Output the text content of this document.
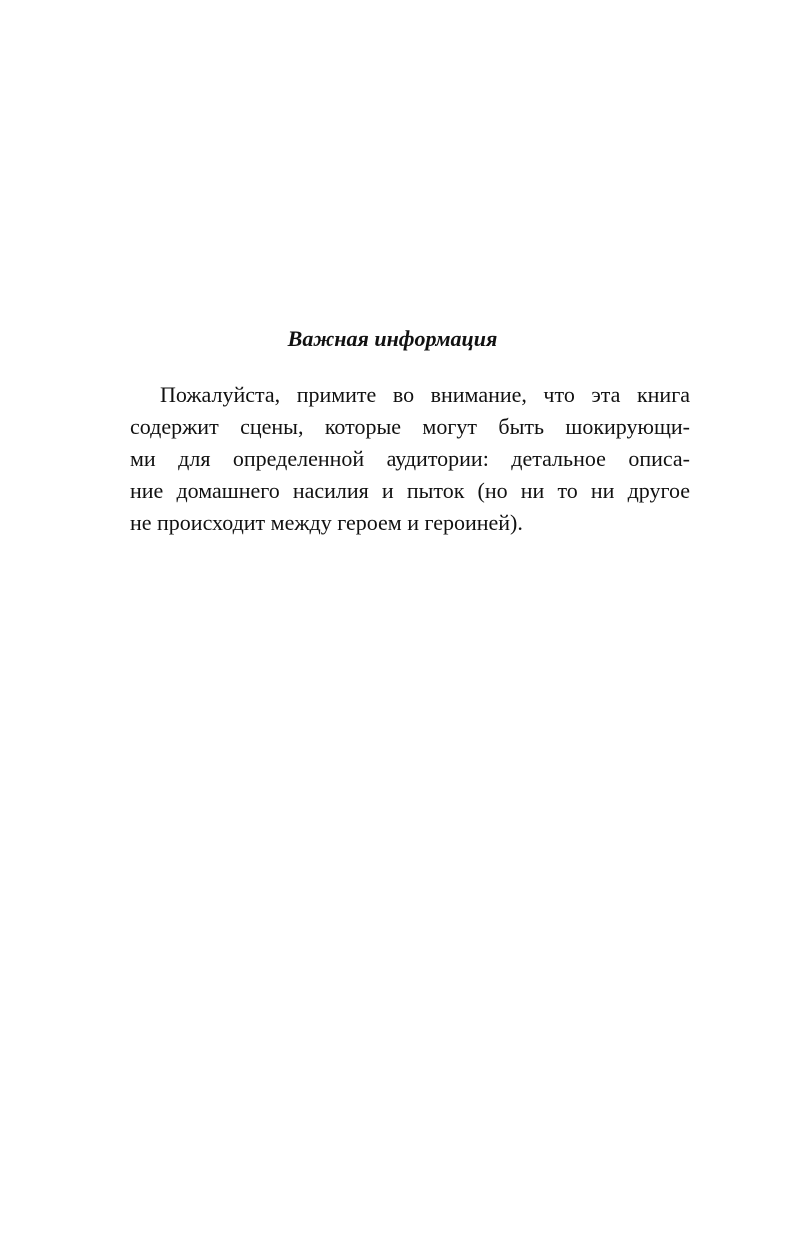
Важная информация

Пожалуйста, примите во внимание, что эта книга
содержит сцены, которые могут быть шокирующи-
ми для определенной аудитории: детальное описа-
ние домашнего насилия и пыток (но ни то ни другое
не происходит между героем и героиней).
